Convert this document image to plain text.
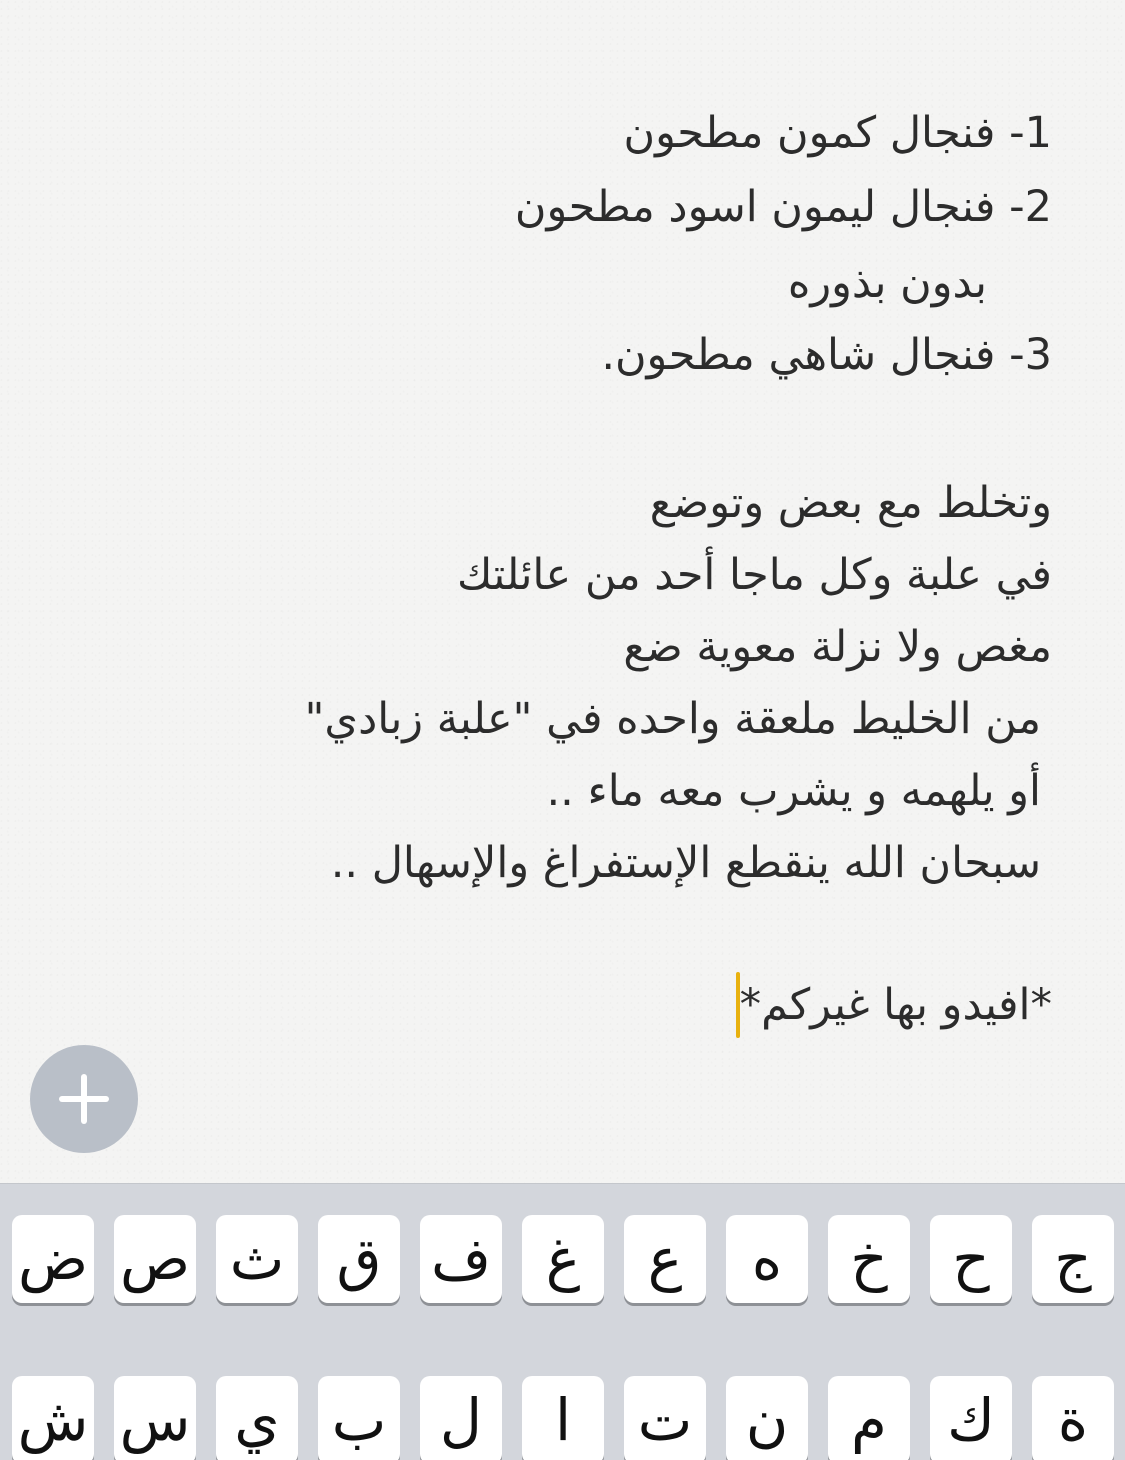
1- فنجال كمون مطحون
2- فنجال ليمون اسود مطحون
بدون بذوره
3- فنجال شاهي مطحون.
وتخلط مع بعض وتوضع
في علبة وكل ماجا أحد من عائلتك
مغص ولا نزلة معوية ضع
من الخليط ملعقة واحده في "علبة زبادي"
أو يلهمه و يشرب معه ماء ..
سبحان الله ينقطع الإستفراغ والإسهال ..
*افيدو بها غيركم*
ج
ح
خ
ه
ع
غ
ف
ق
ث
ص
ض
ة
ك
م
ن
ت
ا
ل
ب
ي
س
ش
